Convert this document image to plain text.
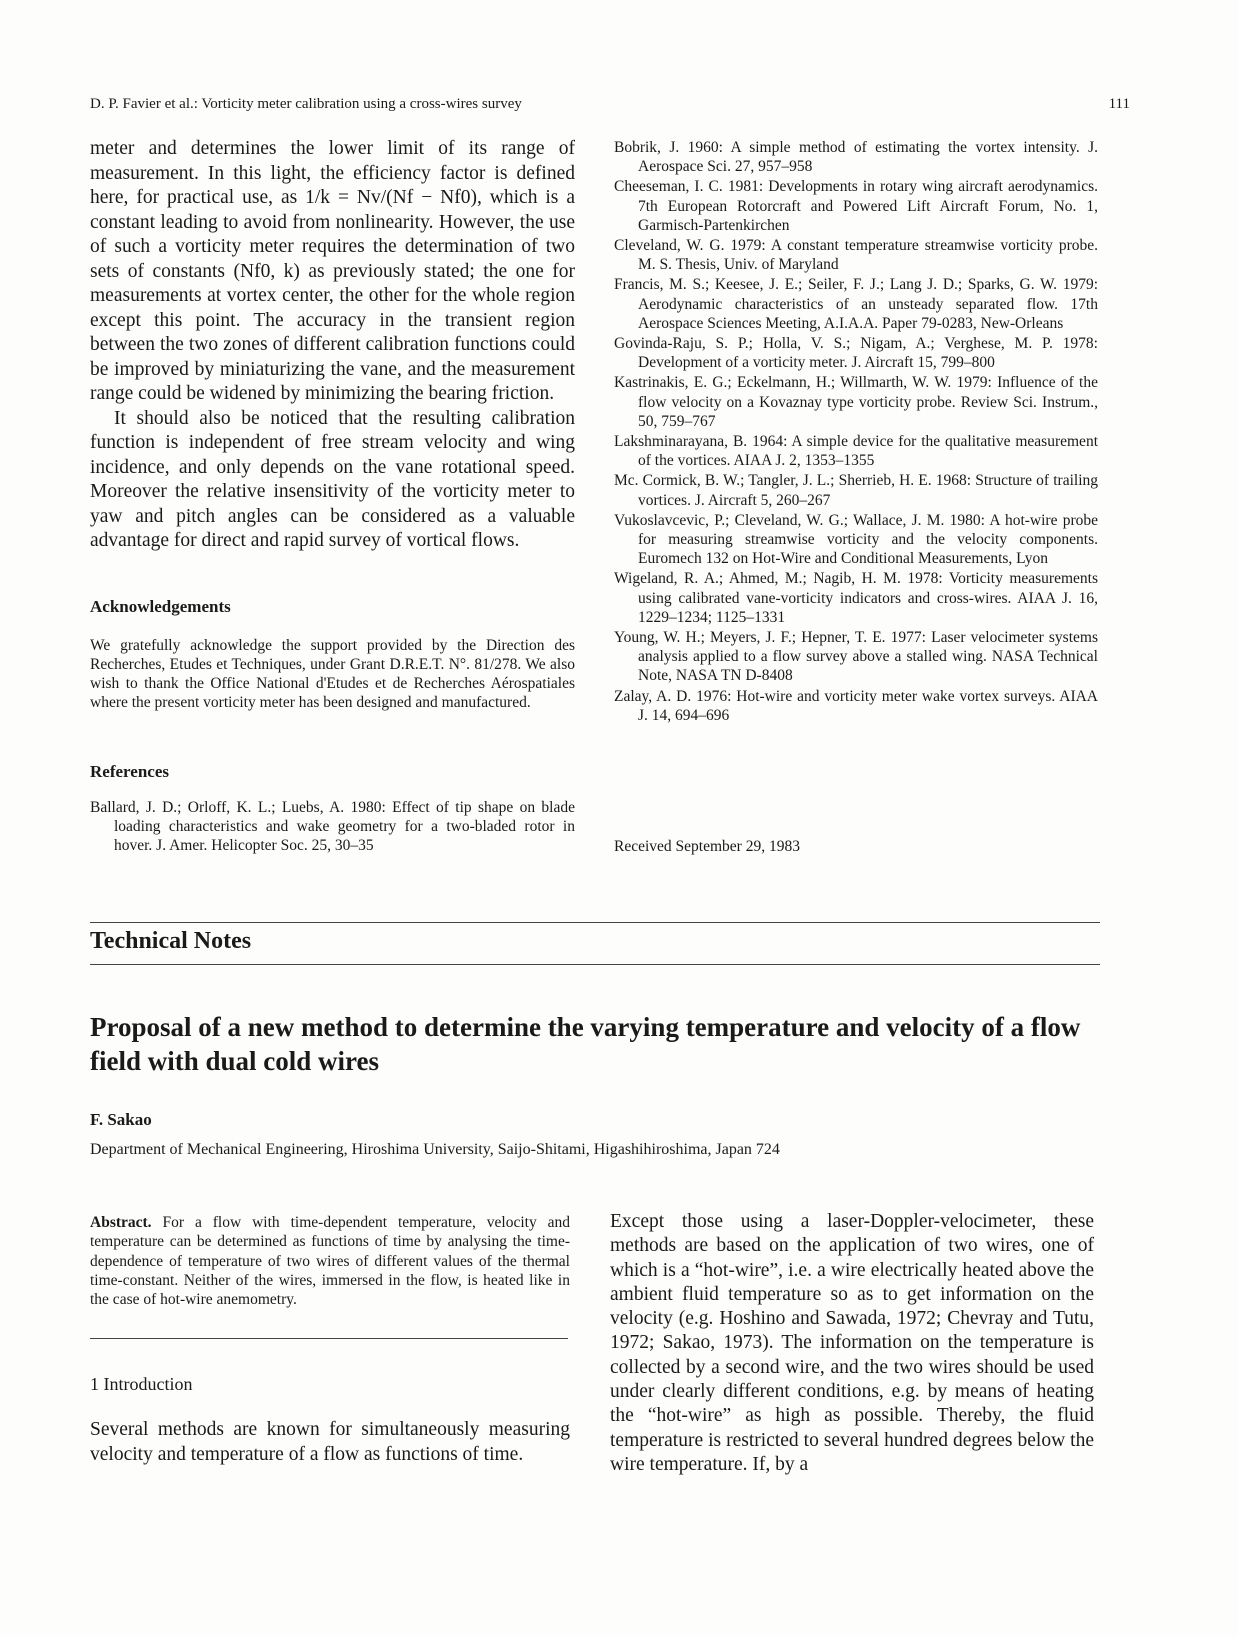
D. P. Favier et al.: Vorticity meter calibration using a cross-wires survey	111

meter and determines the lower limit of its range of measurement. In this light, the efficiency factor is defined here, for practical use, as 1/k = Nv/(Nf − Nf0), which is a constant leading to avoid from nonlinearity. However, the use of such a vorticity meter requires the determination of two sets of constants (Nf0, k) as previously stated; the one for measurements at vortex center, the other for the whole region except this point. The accuracy in the transient region between the two zones of different calibration functions could be improved by miniaturizing the vane, and the measurement range could be widened by minimizing the bearing friction.

It should also be noticed that the resulting calibration function is independent of free stream velocity and wing incidence, and only depends on the vane rotational speed. Moreover the relative insensitivity of the vorticity meter to yaw and pitch angles can be considered as a valuable advantage for direct and rapid survey of vortical flows.

Acknowledgements
We gratefully acknowledge the support provided by the Direction des Recherches, Etudes et Techniques, under Grant D.R.E.T. N°. 81/278. We also wish to thank the Office National d'Etudes et de Recherches Aérospatiales where the present vorticity meter has been designed and manufactured.
References

Ballard, J. D.; Orloff, K. L.; Luebs, A. 1980: Effect of tip shape on blade loading characteristics and wake geometry for a two-bladed rotor in hover. J. Amer. Helicopter Soc. 25, 30–35

Bobrik, J. 1960: A simple method of estimating the vortex intensity. J. Aerospace Sci. 27, 957–958

Cheeseman, I. C. 1981: Developments in rotary wing aircraft aerodynamics. 7th European Rotorcraft and Powered Lift Aircraft Forum, No. 1, Garmisch-Partenkirchen

Cleveland, W. G. 1979: A constant temperature streamwise vorticity probe. M. S. Thesis, Univ. of Maryland

Francis, M. S.; Keesee, J. E.; Seiler, F. J.; Lang J. D.; Sparks, G. W. 1979: Aerodynamic characteristics of an unsteady separated flow. 17th Aerospace Sciences Meeting, A.I.A.A. Paper 79-0283, New-Orleans

Govinda-Raju, S. P.; Holla, V. S.; Nigam, A.; Verghese, M. P. 1978: Development of a vorticity meter. J. Aircraft 15, 799–800

Kastrinakis, E. G.; Eckelmann, H.; Willmarth, W. W. 1979: Influence of the flow velocity on a Kovaznay type vorticity probe. Review Sci. Instrum., 50, 759–767

Lakshminarayana, B. 1964: A simple device for the qualitative measurement of the vortices. AIAA J. 2, 1353–1355

Mc. Cormick, B. W.; Tangler, J. L.; Sherrieb, H. E. 1968: Structure of trailing vortices. J. Aircraft 5, 260–267

Vukoslavcevic, P.; Cleveland, W. G.; Wallace, J. M. 1980: A hot-wire probe for measuring streamwise vorticity and the velocity components. Euromech 132 on Hot-Wire and Conditional Measurements, Lyon

Wigeland, R. A.; Ahmed, M.; Nagib, H. M. 1978: Vorticity measurements using calibrated vane-vorticity indicators and cross-wires. AIAA J. 16, 1229–1234; 1125–1331

Young, W. H.; Meyers, J. F.; Hepner, T. E. 1977: Laser velocimeter systems analysis applied to a flow survey above a stalled wing. NASA Technical Note, NASA TN D-8408

Zalay, A. D. 1976: Hot-wire and vorticity meter wake vortex surveys. AIAA J. 14, 694–696

Received September 29, 1983
Technical Notes
Proposal of a new method to determine the varying temperature and velocity of a flow field with dual cold wires
F. Sakao
Department of Mechanical Engineering, Hiroshima University, Saijo-Shitami, Higashihiroshima, Japan 724
Abstract. For a flow with time-dependent temperature, velocity and temperature can be determined as functions of time by analysing the time-dependence of temperature of two wires of different values of the thermal time-constant. Neither of the wires, immersed in the flow, is heated like in the case of hot-wire anemometry.
1 Introduction
Several methods are known for simultaneously measuring velocity and temperature of a flow as functions of time.
Except those using a laser-Doppler-velocimeter, these methods are based on the application of two wires, one of which is a “hot-wire”, i.e. a wire electrically heated above the ambient fluid temperature so as to get information on the velocity (e.g. Hoshino and Sawada, 1972; Chevray and Tutu, 1972; Sakao, 1973). The information on the temperature is collected by a second wire, and the two wires should be used under clearly different conditions, e.g. by means of heating the “hot-wire” as high as possible. Thereby, the fluid temperature is restricted to several hundred degrees below the wire temperature. If, by a
